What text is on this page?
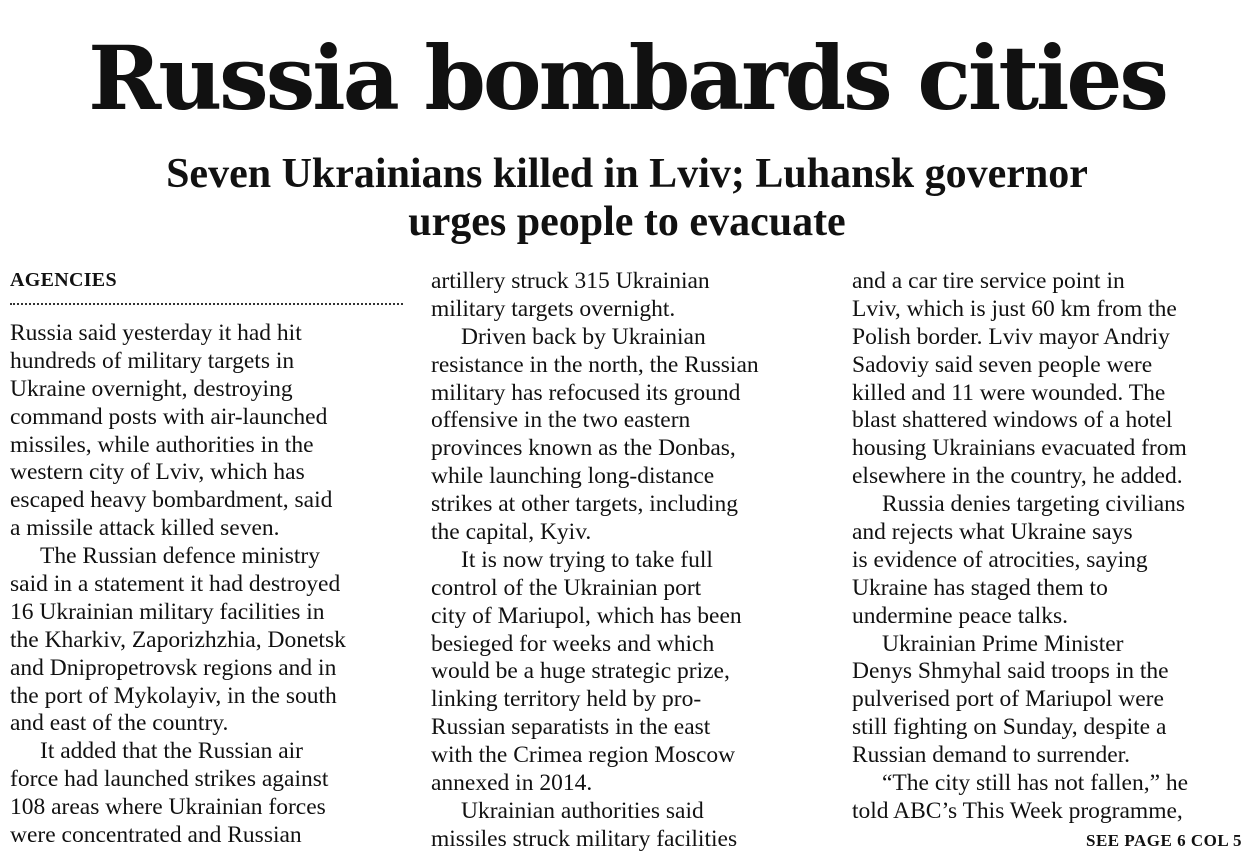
Russia bombards cities
Seven Ukrainians killed in Lviv; Luhansk governor
urges people to evacuate
AGENCIES
Russia said yesterday it had hit
hundreds of military targets in
Ukraine overnight, destroying
command posts with air-launched
missiles, while authorities in the
western city of Lviv, which has
escaped heavy bombardment, said
a missile attack killed seven.
The Russian defence ministry
said in a statement it had destroyed
16 Ukrainian military facilities in
the Kharkiv, Zaporizhzhia, Donetsk
and Dnipropetrovsk regions and in
the port of Mykolayiv, in the south
and east of the country.
It added that the Russian air
force had launched strikes against
108 areas where Ukrainian forces
were concentrated and Russian
artillery struck 315 Ukrainian
military targets overnight.
Driven back by Ukrainian
resistance in the north, the Russian
military has refocused its ground
offensive in the two eastern
provinces known as the Donbas,
while launching long-distance
strikes at other targets, including
the capital, Kyiv.
It is now trying to take full
control of the Ukrainian port
city of Mariupol, which has been
besieged for weeks and which
would be a huge strategic prize,
linking territory held by pro-
Russian separatists in the east
with the Crimea region Moscow
annexed in 2014.
Ukrainian authorities said
missiles struck military facilities
and a car tire service point in
Lviv, which is just 60 km from the
Polish border. Lviv mayor Andriy
Sadoviy said seven people were
killed and 11 were wounded. The
blast shattered windows of a hotel
housing Ukrainians evacuated from
elsewhere in the country, he added.
Russia denies targeting civilians
and rejects what Ukraine says
is evidence of atrocities, saying
Ukraine has staged them to
undermine peace talks.
Ukrainian Prime Minister
Denys Shmyhal said troops in the
pulverised port of Mariupol were
still fighting on Sunday, despite a
Russian demand to surrender.
“The city still has not fallen,” he
told ABC’s This Week programme,
SEE PAGE 6 COL 5
